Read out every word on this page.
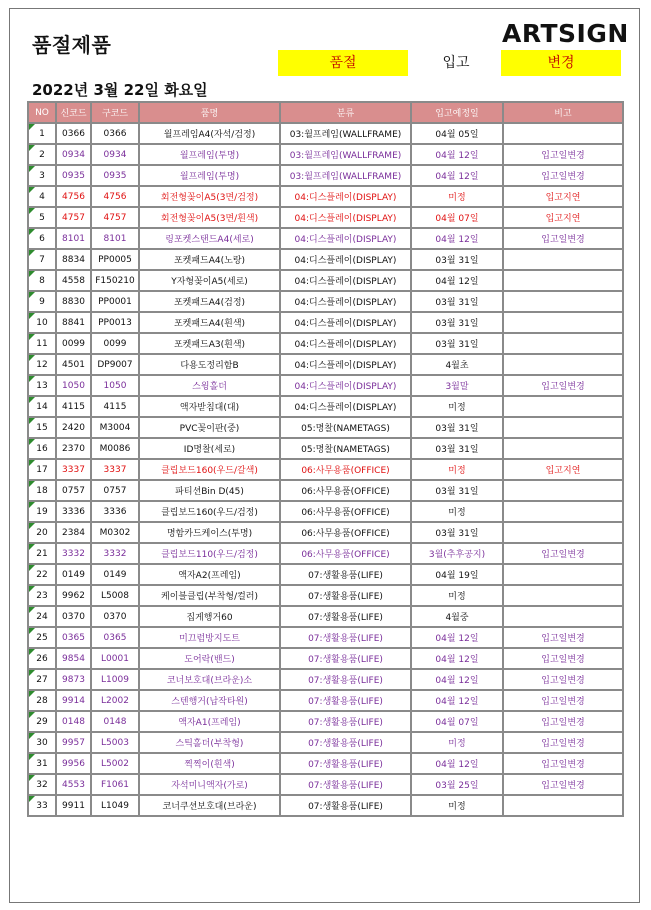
품절제품	ARTSIGN
품절	입고	변경
2022년 3월 22일 화요일
NO	신코드	구코드	품명	분류	입고예정일	비고

1	0366	0366	월프레임A4(자석/검정)	03:월프레임(WALLFRAME)	04월 05일	

2	0934	0934	월프레임(투명)	03:월프레임(WALLFRAME)	04월 12일	입고일변경

3	0935	0935	월프레임(투명)	03:월프레임(WALLFRAME)	04월 12일	입고일변경

4	4756	4756	회전형꽂이A5(3면/검정)	04:디스플레이(DISPLAY)	미정	입고지연

5	4757	4757	회전형꽂이A5(3면/흰색)	04:디스플레이(DISPLAY)	04월 07일	입고지연

6	8101	8101	링포켓스탠드A4(세로)	04:디스플레이(DISPLAY)	04월 12일	입고일변경

7	8834	PP0005	포켓패드A4(노랑)	04:디스플레이(DISPLAY)	03월 31일	

8	4558	F150210	Y자형꽂이A5(세로)	04:디스플레이(DISPLAY)	04월 12일	

9	8830	PP0001	포켓패드A4(검정)	04:디스플레이(DISPLAY)	03월 31일	

10	8841	PP0013	포켓패드A4(흰색)	04:디스플레이(DISPLAY)	03월 31일	

11	0099	0099	포켓패드A3(흰색)	04:디스플레이(DISPLAY)	03월 31일	

12	4501	DP9007	다용도정리함B	04:디스플레이(DISPLAY)	4월초	

13	1050	1050	스윙홀더	04:디스플레이(DISPLAY)	3월말	입고일변경

14	4115	4115	액자받침대(대)	04:디스플레이(DISPLAY)	미정	

15	2420	M3004	PVC꽂이판(중)	05:명찰(NAMETAGS)	03월 31일	

16	2370	M0086	ID명찰(세로)	05:명찰(NAMETAGS)	03월 31일	

17	3337	3337	클립보드160(우드/갈색)	06:사무용품(OFFICE)	미정	입고지연

18	0757	0757	파티션Bin D(45)	06:사무용품(OFFICE)	03월 31일	

19	3336	3336	클립보드160(우드/검정)	06:사무용품(OFFICE)	미정	

20	2384	M0302	명함카드케이스(투명)	06:사무용품(OFFICE)	03월 31일	

21	3332	3332	클립보드110(우드/검정)	06:사무용품(OFFICE)	3월(추후공지)	입고일변경

22	0149	0149	액자A2(프레임)	07:생활용품(LIFE)	04월 19일	

23	9962	L5008	케이블클립(부착형/컬러)	07:생활용품(LIFE)	미정	

24	0370	0370	집게행거60	07:생활용품(LIFE)	4월중	

25	0365	0365	미끄럼방지도트	07:생활용품(LIFE)	04월 12일	입고일변경

26	9854	L0001	도어락(밴드)	07:생활용품(LIFE)	04월 12일	입고일변경

27	9873	L1009	코너보호대(브라운)소	07:생활용품(LIFE)	04월 12일	입고일변경

28	9914	L2002	스텐행거(납작타원)	07:생활용품(LIFE)	04월 12일	입고일변경

29	0148	0148	액자A1(프레임)	07:생활용품(LIFE)	04월 07일	입고일변경

30	9957	L5003	스틱홀더(부착형)	07:생활용품(LIFE)	미정	입고일변경

31	9956	L5002	찍찍이(흰색)	07:생활용품(LIFE)	04월 12일	입고일변경

32	4553	F1061	자석미니액자(가로)	07:생활용품(LIFE)	03월 25일	입고일변경

33	9911	L1049	코너쿠션보호대(브라운)	07:생활용품(LIFE)	미정	
